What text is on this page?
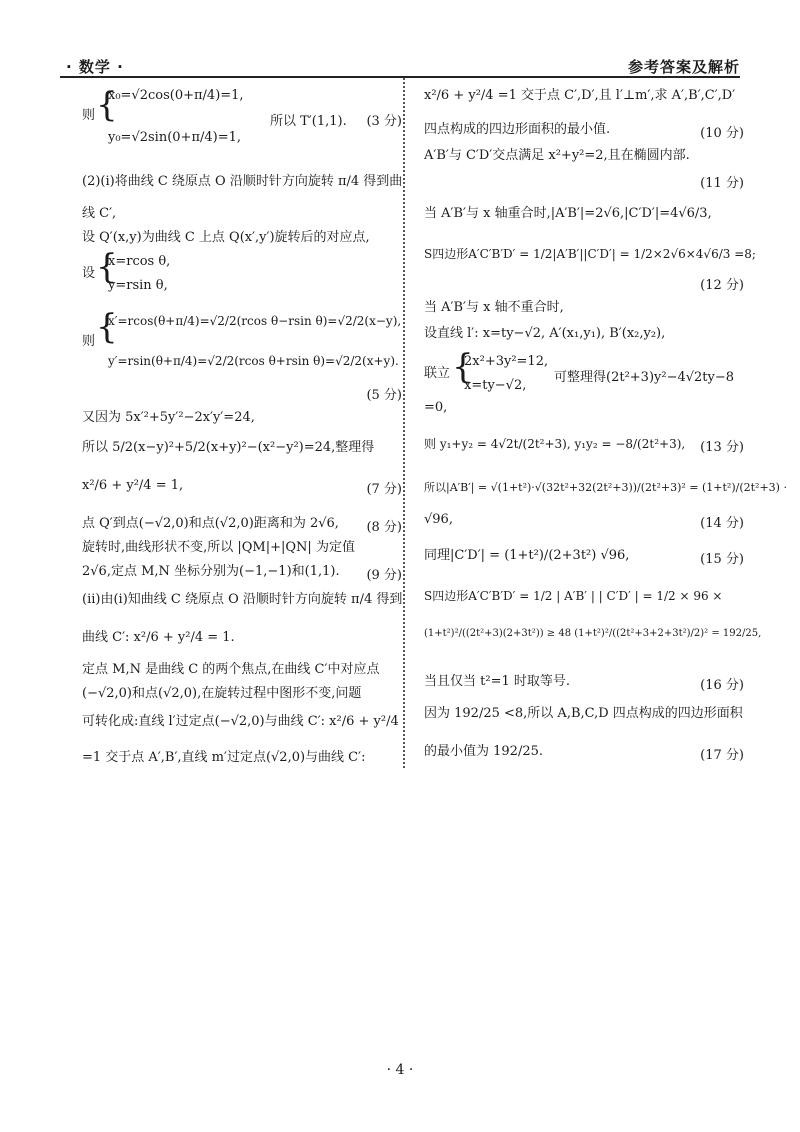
· 数学 ·	参考答案及解析
则 {
x₀=√2cos(0+π/4)=1,
y₀=√2sin(0+π/4)=1,
所以 T′(1,1). (3 分)
(2)(i)将曲线 C 绕原点 O 沿顺时针方向旋转 π/4 得到曲
线 C′,
设 Q′(x,y)为曲线 C 上点 Q(x′,y′)旋转后的对应点,
设 {
x=rcos θ,
y=rsin θ,
则 {
x′=rcos(θ+π/4)=√2/2(rcos θ−rsin θ)=√2/2(x−y),
y′=rsin(θ+π/4)=√2/2(rcos θ+rsin θ)=√2/2(x+y).
(5 分)
又因为 5x′²+5y′²−2x′y′=24,
所以 5/2(x−y)²+5/2(x+y)²−(x²−y²)=24,整理得
x²/6 + y²/4 = 1,	(7 分)
点 Q′到点(−√2,0)和点(√2,0)距离和为 2√6,	(8 分)
旋转时,曲线形状不变,所以 |QM|+|QN| 为定值
2√6,定点 M,N 坐标分别为(−1,−1)和(1,1).	(9 分)
(ii)由(i)知曲线 C 绕原点 O 沿顺时针方向旋转 π/4 得到
曲线 C′: x²/6 + y²/4 = 1.
定点 M,N 是曲线 C 的两个焦点,在曲线 C′中对应点
(−√2,0)和点(√2,0),在旋转过程中图形不变,问题
可转化成:直线 l′过定点(−√2,0)与曲线 C′: x²/6 + y²/4
=1 交于点 A′,B′,直线 m′过定点(√2,0)与曲线 C′:
x²/6 + y²/4 =1 交于点 C′,D′,且 l′⊥m′,求 A′,B′,C′,D′
四点构成的四边形面积的最小值.	(10 分)
A′B′与 C′D′交点满足 x²+y²=2,且在椭圆内部.
(11 分)
当 A′B′与 x 轴重合时,|A′B′|=2√6,|C′D′|=4√6/3,
S四边形A′C′B′D′ = 1/2|A′B′||C′D′| = 1/2×2√6×4√6/3 =8;
(12 分)
当 A′B′与 x 轴不重合时,
设直线 l′: x=ty−√2, A′(x₁,y₁), B′(x₂,y₂),
联立 {
2x²+3y²=12,
x=ty−√2,
可整理得(2t²+3)y²−4√2ty−8
=0,
则 y₁+y₂ = 4√2t/(2t²+3), y₁y₂ = −8/(2t²+3),	(13 分)
所以|A′B′| = √(1+t²)·√(32t²+32(2t²+3))/(2t²+3)² = (1+t²)/(2t²+3) ·
√96,	(14 分)
同理|C′D′| = (1+t²)/(2+3t²) √96,	(15 分)
S四边形A′C′B′D′ = 1/2 | A′B′ | | C′D′ | = 1/2 × 96 ×
(1+t²)²/((2t²+3)(2+3t²)) ≥ 48 (1+t²)²/((2t²+3+2+3t²)/2)² = 192/25,
当且仅当 t²=1 时取等号.	(16 分)
因为 192/25 <8,所以 A,B,C,D 四点构成的四边形面积
的最小值为 192/25.	(17 分)
· 4 ·
